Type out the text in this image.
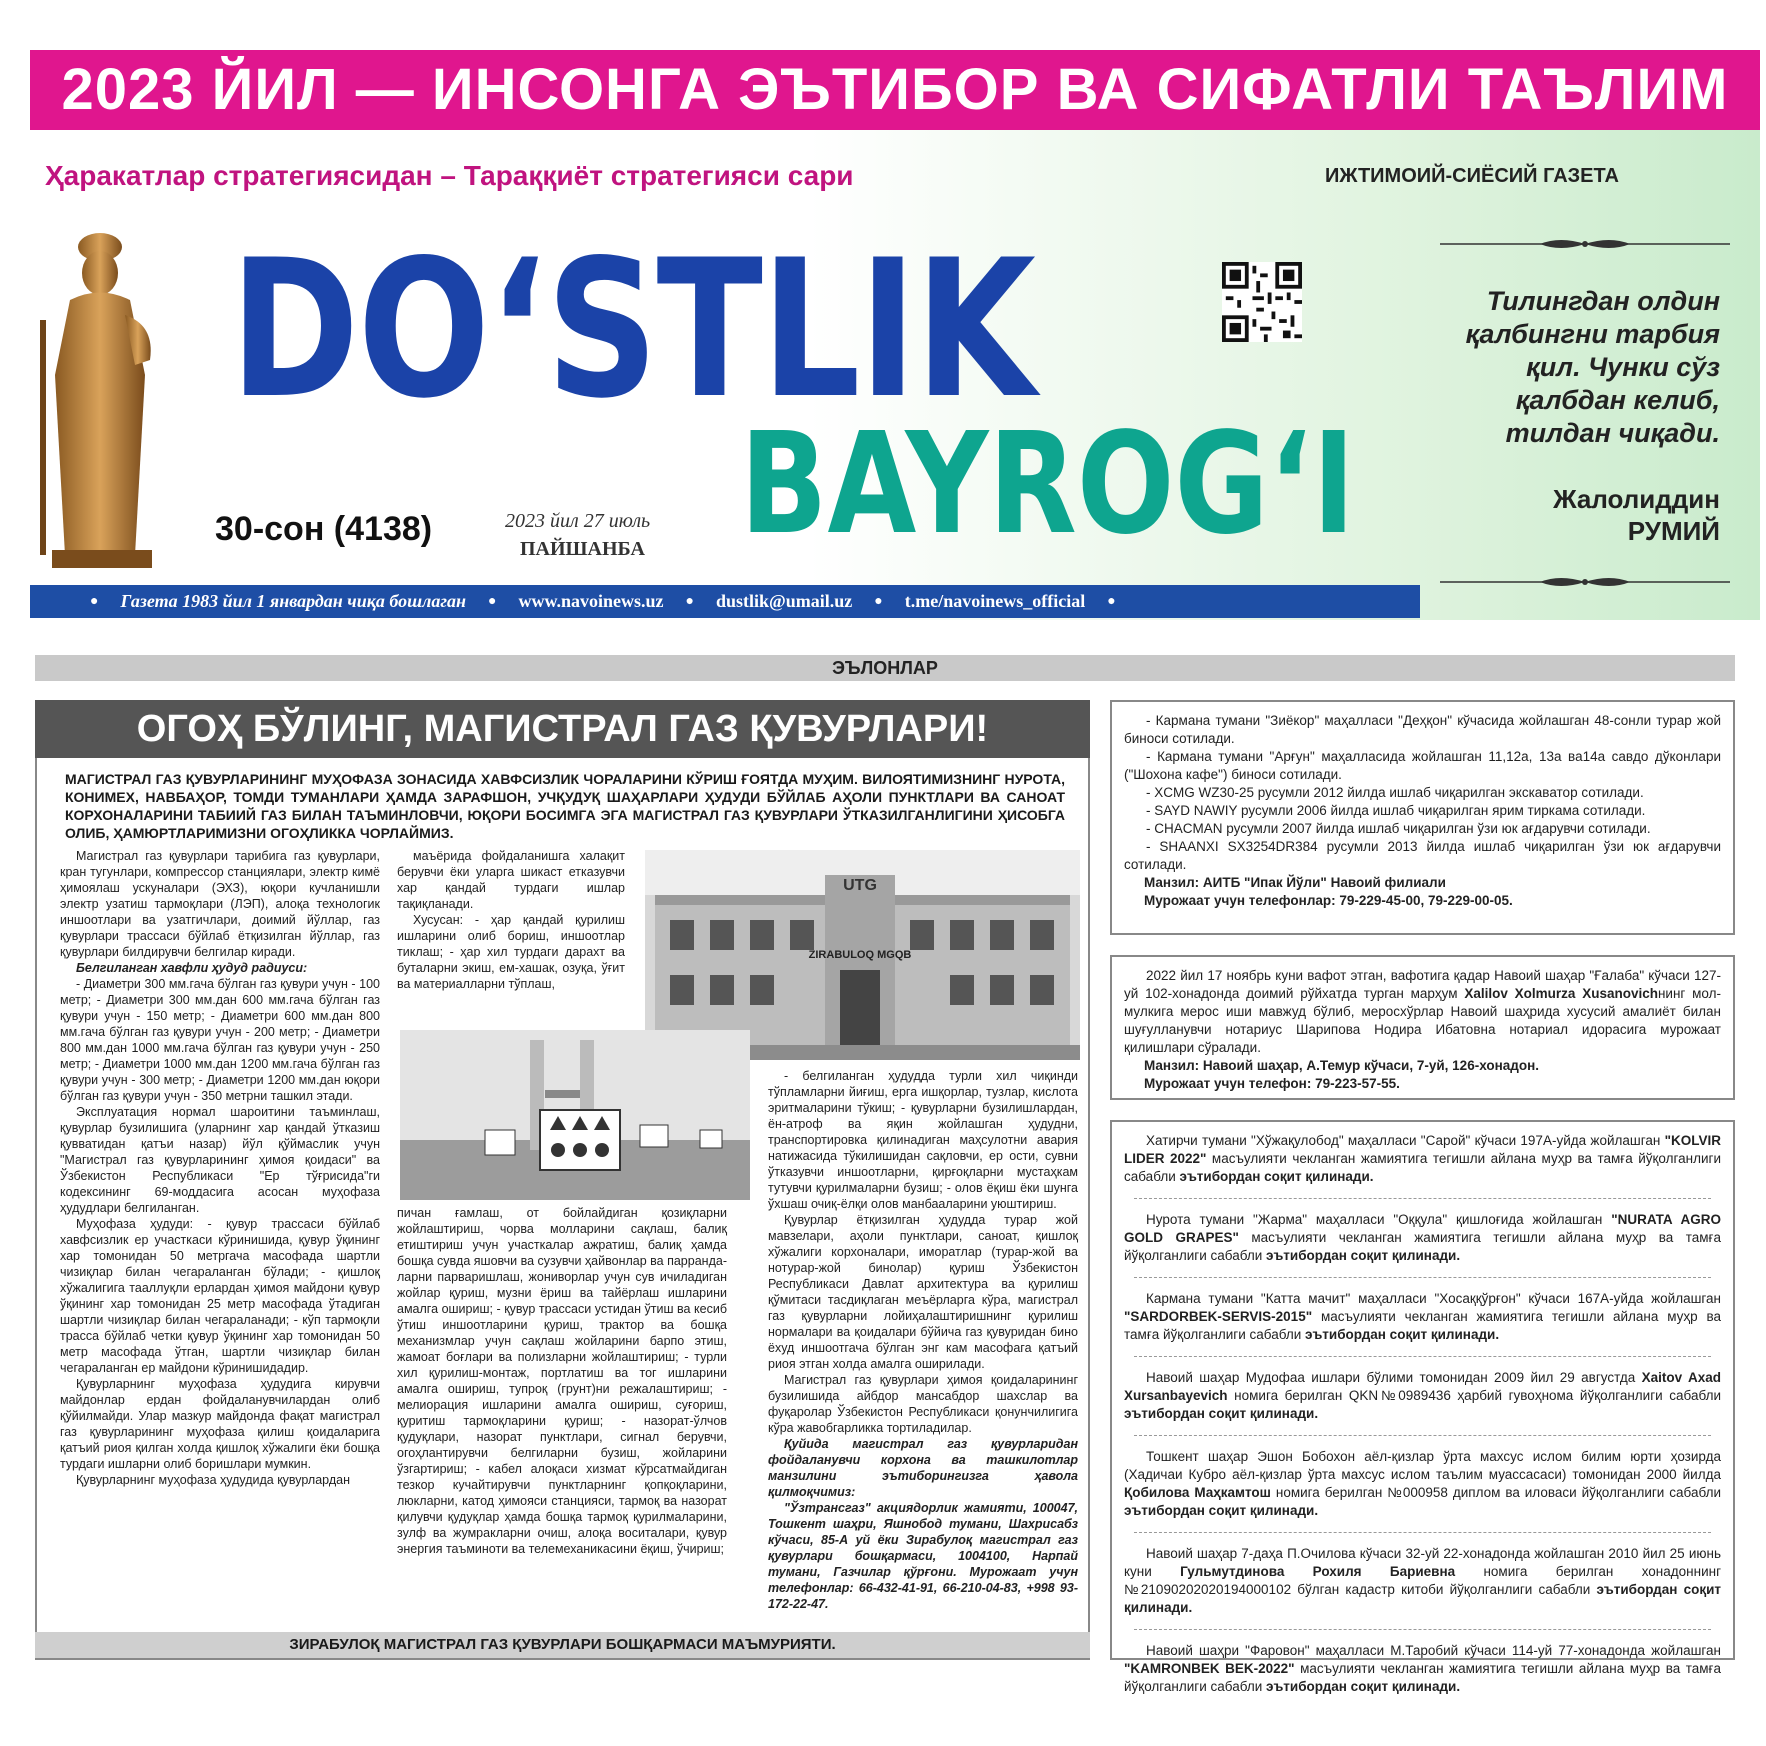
2023 ЙИЛ — ИНСОНГА ЭЪТИБОР ВА СИФАТЛИ ТАЪЛИМ
Ҳаракатлар стратегиясидан – Тараққиёт стратегияси сари	ИЖТИМОИЙ-СИЁСИЙ ГАЗЕТА
DO‘STLIK
BAYROG‘I
30-сон (4138)	2023 йил 27 июль
ПАЙШАНБА
Тилингдан олдин қалбингни тарбия қил. Чунки сўз қалбдан келиб, тилдан чиқади.
Жалолиддин
РУМИЙ
● Газета 1983 йил 1 январдан чиқа бошлаган ● www.navoinews.uz ● dustlik@umail.uz ● t.me/navoinews_official ●
ЭЪЛОНЛАР
ОГОҲ БЎЛИНГ, МАГИСТРАЛ ГАЗ ҚУВУРЛАРИ!
МАГИСТРАЛ ГАЗ ҚУВУРЛАРИНИНГ МУҲОФАЗА ЗОНАСИДА ХАВФСИЗЛИК ЧОРАЛАРИНИ КЎРИШ ҒОЯТДА МУҲИМ. ВИЛОЯТИМИЗНИНГ НУРОТА, КОНИМЕХ, НАВБАҲОР, ТОМДИ ТУМАНЛАРИ ҲАМДА ЗАРАФШОН, УЧҚУДУҚ ШАҲАРЛАРИ ҲУДУДИ БЎЙЛАБ АҲОЛИ ПУНКТЛАРИ ВА САНОАТ КОРХОНАЛАРИНИ ТАБИИЙ ГАЗ БИЛАН ТАЪМИНЛОВЧИ, ЮҚОРИ БОСИМГА ЭГА МАГИСТРАЛ ГАЗ ҚУВУРЛАРИ ЎТКАЗИЛГАНЛИГИНИ ҲИСОБГА ОЛИБ, ҲАМЮРТЛАРИМИЗНИ ОГОҲЛИККА ЧОРЛАЙМИЗ.

Магистрал газ қувурлари тарибига газ қувурлари, кран тугунлари, компрессор станциялари, электр кимё ҳимоялаш ускуналари (ЭХЗ), юқори кучланишли электр узатиш тармоқлари (ЛЭП), алоқа технологик иншоотлари ва узатгичлари, доимий йўллар, газ қувурлари трассаси бўйлаб ётқизилган йўллар, газ қувурлари билдирувчи белгилар киради.

Белгиланган хавфли ҳудуд радиуси:

- Диаметри 300 мм.гача бўлган газ қувури учун - 100 метр; - Диаметри 300 мм.дан 600 мм.гача бўлган газ қувури учун - 150 метр; - Диаметри 600 мм.дан 800 мм.гача бўлган газ қувури учун - 200 метр; - Диаметри 800 мм.дан 1000 мм.гача бўлган газ қувури учун - 250 метр; - Диаметри 1000 мм.дан 1200 мм.гача бўлган газ қувури учун - 300 метр; - Диаметри 1200 мм.дан юқори бўлган газ қувури учун - 350 метрни ташкил этади.

Эксплуатация нормал шароитини таъминлаш, қувурлар бузилишига (уларнинг хар қандай ўтказиш қувватидан қатъи назар) йўл қўймаслик учун "Магистрал газ қувурларининг ҳимоя қоидаси" ва Ўзбекистон Республикаси "Ер тўғрисида"ги кодексининг 69-моддасига асосан муҳофаза ҳудудлари белгиланган.

Муҳофаза ҳудуди: - қувур трассаси бўйлаб хавфсизлик ер участкаси кўринишида, қувур ўқининг хар томонидан 50 метргача масофада шартли чизиқлар билан чегараланган бўлади; - қишлоқ хўжалигига тааллуқли ерлардан ҳимоя майдони қувур ўқининг хар томонидан 25 метр масофада ўтадиган шартли чизиқлар билан чегараланади; - кўп тармоқли трасса бўйлаб четки қувур ўқининг хар томонидан 50 метр масофада ўтган, шартли чизиқлар билан чегараланган ер майдони кўринишидадир.

Қувурларнинг муҳофаза ҳудудига кирувчи майдонлар ердан фойдаланувчилардан олиб қўйилмайди. Улар мазкур майдонда фақат магистрал газ қувурларининг муҳофаза қилиш қоидаларига қатъий риоя қилган холда қишлоқ хўжалиги ёки бошқа турдаги ишларни олиб боришлари мумкин.

Қувурларнинг муҳофаза ҳудудида қувурлардан

маъёрида фойдаланишга халақит берувчи ёки уларга шикаст етказувчи хар қандай турдаги ишлар тақиқланади.

Хусусан: - ҳар қандай қурилиш ишларини олиб бориш, иншоотлар тиклаш; - ҳар хил турдаги дарахт ва буталарни экиш, ем-хашак, озуқа, ўғит ва материалларни тўплаш,

UTG
ZIRABULOQ MGQB

пичан ғамлаш, от бойлайдиган қозиқларни жойлаштириш, чорва молларини сақлаш, балиқ етиштириш учун участкалар ажратиш, балиқ ҳамда бошқа сувда яшовчи ва сузувчи ҳайвонлар ва паррандаларни парваришлаш, жониворлар учун сув ичиладиган жойлар қуриш, музни ёриш ва тайёрлаш ишларини амалга ошириш; - қувур трассаси устидан ўтиш ва кесиб ўтиш иншоотларини қуриш, трактор ва бошқа механизмлар учун сақлаш жойларини барпо этиш, жамоат боғлари ва полизларни жойлаштириш; - турли хил қурилиш-монтаж, портлатиш ва тог ишларини амалга ошириш, тупроқ (грунт)ни режалаштириш; - мелиорация ишларини амалга ошириш, суғориш, қуритиш тармоқларини қуриш; - назорат-ўлчов қудуқлари, назорат пунктлари, сигнал берувчи, огоҳлантирувчи белгиларни бузиш, жойларини ўзгартириш; - кабел алоқаси хизмат кўрсатмайдиган тезкор кучайтирувчи пунктларнинг қопқоқларини, люкларни, катод ҳимояси станцияси, тармоқ ва назорат қилувчи қудуқлар ҳамда бошқа тармоқ қурилмаларини, зулф ва жумракларни очиш, алоқа воситалари, қувур энергия таъминоти ва телемеханикасини ёқиш, ўчириш;

- белгиланган ҳудудда турли хил чиқинди тўпламларни йиғиш, ерга ишқорлар, тузлар, кислота эритмаларини тўкиш; - қувурларни бузилишлардан, ён-атроф ва яқин жойлашган ҳудудни, транспортировка қилинадиган маҳсулотни авария натижасида тўкилишидан сақловчи, ер ости, сувни ўтказувчи иншоотларни, қирғоқларни мустаҳкам тутувчи қурилмаларни бузиш; - олов ёқиш ёки шунга ўхшаш очиқ-ёлқи олов манбааларини уюштириш.

Қувурлар ётқизилган ҳудудда турар жой мавзелари, аҳоли пунктлари, саноат, қишлоқ хўжалиги корхоналари, иморатлар (турар-жой ва нотурар-жой бинолар) қуриш Ўзбекистон Республикаси Давлат архитектура ва қурилиш қўмитаси тасдиқлаган меъёрларга кўра, магистрал газ қувурларни лойиҳалаштиришнинг қурилиш нормалари ва қоидалари бўйича газ қувуридан бино ёхуд иншоотгача бўлган энг кам масофага қатъий риоя этган холда амалга оширилади.

Магистрал газ қувурлари ҳимоя қоидаларининг бузилишида айбдор мансабдор шахслар ва фуқаролар Ўзбекистон Республикаси қонунчилигига кўра жавобгарликка тортиладилар.

Қуйида магистрал газ қувурларидан фойдаланувчи корхона ва ташкилотлар манзилини эътиборингизга ҳавола қилмоқчимиз:

"Ўзтрансгаз" акциядорлик жамияти, 100047, Тошкент шаҳри, Яшнобод тумани, Шахрисабз кўчаси, 85-А уй ёки Зирабулоқ магистрал газ қувурлари бошқармаси, 1004100, Нарпай тумани, Газчилар қўрғони. Мурожаат учун телефонлар: 66-432-41-91, 66-210-04-83, +998 93-172-22-47.

ЗИРАБУЛОҚ МАГИСТРАЛ ГАЗ ҚУВУРЛАРИ БОШҚАРМАСИ МАЪМУРИЯТИ.

- Кармана тумани "Зиёкор" маҳалласи "Деҳқон" кўчасида жойлашган 48-сонли турар жой биноси сотилади.

- Кармана тумани "Арғун" маҳалласида жойлашган 11,12а, 13а ва14а савдо дўконлари ("Шохона кафе") биноси сотилади.

- XCMG WZ30-25 русумли 2012 йилда ишлаб чиқарилган экскаватор сотилади.

- SAYD NAWIY русумли 2006 йилда ишлаб чиқарилган ярим тиркама сотилади.

- CHACMAN русумли 2007 йилда ишлаб чиқарилган ўзи юк ағдарувчи сотилади.

- SHAANXI SX3254DR384 русумли 2013 йилда ишлаб чиқарилган ўзи юк ағдарувчи сотилади.

Манзил: АИТБ "Ипак Йўли" Навоий филиали
Мурожаат учун телефонлар: 79-229-45-00, 79-229-00-05.

2022 йил 17 ноябрь куни вафот этган, вафотига қадар Навоий шаҳар "Ғалаба" кўчаси 127-уй 102-хонадонда доимий рўйхатда турган марҳум Xalilov Xolmurza Xusanovichнинг мол-мулкига мерос иши мавжуд бўлиб, меросхўрлар Навоий шаҳрида хусусий амалиёт билан шуғулланувчи нотариус Шарипова Нодира Ибатовна нотариал идорасига мурожаат қилишлари сўралади.

Манзил: Навоий шаҳар, А.Темур кўчаси, 7-уй, 126-хонадон.
Мурожаат учун телефон: 79-223-57-55.

Хатирчи тумани "Хўжақулобод" маҳалласи "Сарой" кўчаси 197А-уйда жойлашган "KOLVIR LIDER 2022" масъулияти чекланган жамиятига тегишли айлана муҳр ва тамға йўқолганлиги сабабли эътибордан соқит қилинади.

Нурота тумани "Жарма" маҳалласи "Оққула" қишлоғида жойлашган "NURATA AGRO GOLD GRAPES" масъулияти чекланган жамиятига тегишли айлана муҳр ва тамға йўқолганлиги сабабли эътибордан соқит қилинади.

Кармана тумани "Катта мачит" маҳалласи "Хосаққўрғон" кўчаси 167А-уйда жойлашган "SARDORBEK-SERVIS-2015" масъулияти чекланган жамиятига тегишли айлана муҳр ва тамға йўқолганлиги сабабли эътибордан соқит қилинади.

Навоий шаҳар Мудофаа ишлари бўлими томонидан 2009 йил 29 августда Xaitov Axad Xursanbayevich номига берилган QKN№0989436 ҳарбий гувоҳнома йўқолганлиги сабабли эътибордан соқит қилинади.

Тошкент шаҳар Эшон Бобохон аёл-қизлар ўрта махсус ислом билим юрти ҳозирда (Хадичаи Кубро аёл-қизлар ўрта махсус ислом таълим муассасаси) томонидан 2000 йилда Қобилова Маҳкамтош номига берилган №000958 диплом ва иловаси йўқолганлиги сабабли эътибордан соқит қилинади.

Навоий шаҳар 7-даҳа П.Очилова кўчаси 32-уй 22-хонадонда жойлашган 2010 йил 25 июнь куни Гульмутдинова Рохиля Бариевна номига берилган хонадоннинг №21090202020194000102 бўлган кадастр китоби йўқолганлиги сабабли эътибордан соқит қилинади.

Навоий шаҳри "Фаровон" маҳалласи М.Таробий кўчаси 114-уй 77-хонадонда жойлашган "KAMRONBEK BEK-2022" масъулияти чекланган жамиятига тегишли айлана муҳр ва тамға йўқолганлиги сабабли эътибордан соқит қилинади.
